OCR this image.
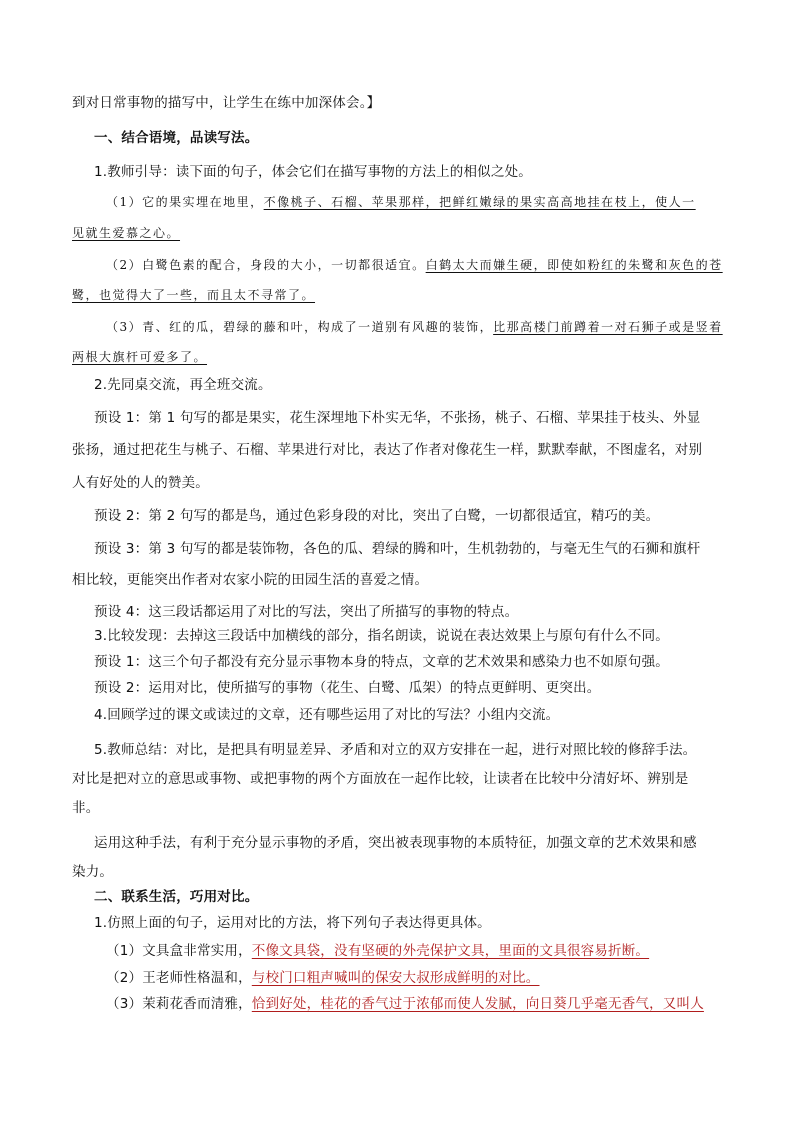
到对日常事物的描写中，让学生在练中加深体会。】
一、结合语境，品读写法。
1.教师引导：读下面的句子，体会它们在描写事物的方法上的相似之处。
（1）它的果实埋在地里，不像桃子、石榴、苹果那样，把鲜红嫩绿的果实高高地挂在枝上，使人一
见就生爱慕之心。
（2）白鹭色素的配合，身段的大小，一切都很适宜。白鹤太大而嫌生硬，即使如粉红的朱鹭和灰色的苍
鹭，也觉得大了一些，而且太不寻常了。
（3）青、红的瓜，碧绿的藤和叶，构成了一道别有风趣的装饰，比那高楼门前蹲着一对石狮子或是竖着
两根大旗杆可爱多了。
2.先同桌交流，再全班交流。
预设 1：第 1 句写的都是果实，花生深埋地下朴实无华，不张扬，桃子、石榴、苹果挂于枝头、外显
张扬，通过把花生与桃子、石榴、苹果进行对比，表达了作者对像花生一样，默默奉献，不图虚名，对别
人有好处的人的赞美。
预设 2：第 2 句写的都是鸟，通过色彩身段的对比，突出了白鹭，一切都很适宜，精巧的美。
预设 3：第 3 句写的都是装饰物，各色的瓜、碧绿的腾和叶，生机勃勃的，与毫无生气的石狮和旗杆
相比较，更能突出作者对农家小院的田园生活的喜爱之情。
预设 4：这三段话都运用了对比的写法，突出了所描写的事物的特点。
3.比较发现：去掉这三段话中加横线的部分，指名朗读，说说在表达效果上与原句有什么不同。
预设 1：这三个句子都没有充分显示事物本身的特点，文章的艺术效果和感染力也不如原句强。
预设 2：运用对比，使所描写的事物（花生、白鹭、瓜架）的特点更鲜明、更突出。
4.回顾学过的课文或读过的文章，还有哪些运用了对比的写法？小组内交流。
5.教师总结：对比，是把具有明显差异、矛盾和对立的双方安排在一起，进行对照比较的修辞手法。
对比是把对立的意思或事物、或把事物的两个方面放在一起作比较，让读者在比较中分清好坏、辨别是
非。
运用这种手法，有利于充分显示事物的矛盾，突出被表现事物的本质特征，加强文章的艺术效果和感
染力。
二、联系生活，巧用对比。
1.仿照上面的句子，运用对比的方法，将下列句子表达得更具体。
（1）文具盒非常实用，不像文具袋，没有坚硬的外壳保护文具，里面的文具很容易折断。
（2）王老师性格温和，与校门口粗声喊叫的保安大叔形成鲜明的对比。
（3）茉莉花香而清雅，恰到好处，桂花的香气过于浓郁而使人发腻，向日葵几乎毫无香气，又叫人
